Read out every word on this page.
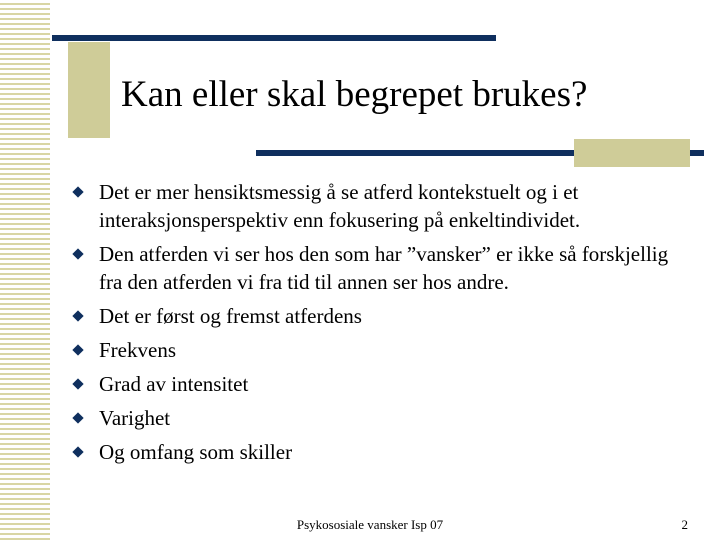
Kan eller skal begrepet brukes?
Det er mer hensiktsmessig å se atferd kontekstuelt og i et interaksjonsperspektiv enn fokusering på enkeltindividet.
Den atferden vi ser hos den som har ”vansker” er ikke så forskjellig fra den atferden vi fra tid til annen ser hos andre.
Det er først og fremst atferdens
Frekvens
Grad av intensitet
Varighet
Og omfang som skiller
Psykososiale vansker Isp 07	2
